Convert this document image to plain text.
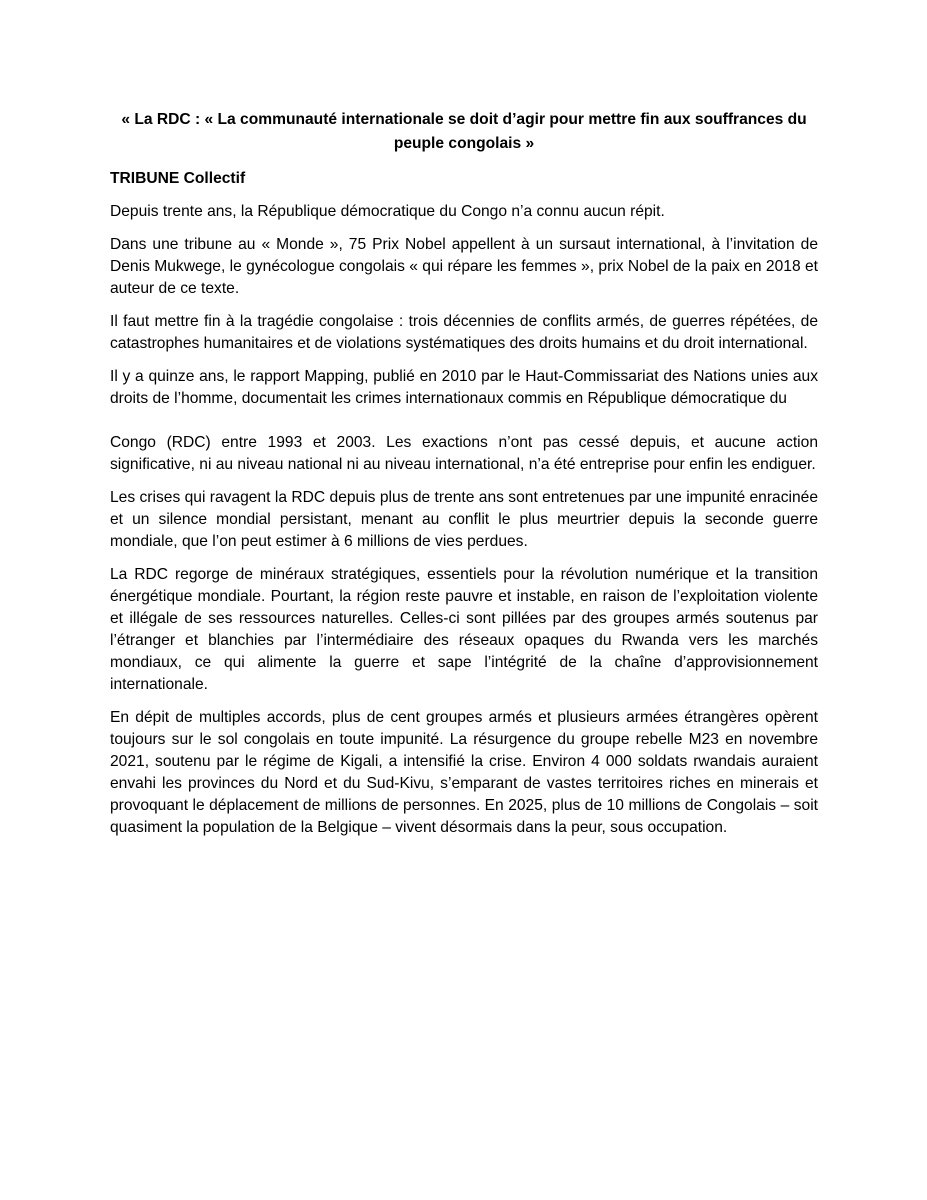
« La RDC : « La communauté internationale se doit d’agir pour mettre fin aux souffrances du peuple congolais »
TRIBUNE Collectif

Depuis trente ans, la République démocratique du Congo n’a connu aucun répit.

Dans une tribune au « Monde », 75 Prix Nobel appellent à un sursaut international, à l’invitation de Denis Mukwege, le gynécologue congolais « qui répare les femmes », prix Nobel de la paix en 2018 et auteur de ce texte.

Il faut mettre fin à la tragédie congolaise : trois décennies de conflits armés, de guerres répétées, de catastrophes humanitaires et de violations systématiques des droits humains et du droit international.

Il y a quinze ans, le rapport Mapping, publié en 2010 par le Haut-Commissariat des Nations unies aux droits de l’homme, documentait les crimes internationaux commis en République démocratique du

Congo (RDC) entre 1993 et 2003. Les exactions n’ont pas cessé depuis, et aucune action significative, ni au niveau national ni au niveau international, n’a été entreprise pour enfin les endiguer.

Les crises qui ravagent la RDC depuis plus de trente ans sont entretenues par une impunité enracinée et un silence mondial persistant, menant au conflit le plus meurtrier depuis la seconde guerre mondiale, que l’on peut estimer à 6 millions de vies perdues.

La RDC regorge de minéraux stratégiques, essentiels pour la révolution numérique et la transition énergétique mondiale. Pourtant, la région reste pauvre et instable, en raison de l’exploitation violente et illégale de ses ressources naturelles. Celles-ci sont pillées par des groupes armés soutenus par l’étranger et blanchies par l’intermédiaire des réseaux opaques du Rwanda vers les marchés mondiaux, ce qui alimente la guerre et sape l’intégrité de la chaîne d’approvisionnement internationale.

En dépit de multiples accords, plus de cent groupes armés et plusieurs armées étrangères opèrent toujours sur le sol congolais en toute impunité. La résurgence du groupe rebelle M23 en novembre 2021, soutenu par le régime de Kigali, a intensifié la crise. Environ 4 000 soldats rwandais auraient envahi les provinces du Nord et du Sud-Kivu, s’emparant de vastes territoires riches en minerais et provoquant le déplacement de millions de personnes. En 2025, plus de 10 millions de Congolais – soit quasiment la population de la Belgique – vivent désormais dans la peur, sous occupation.
